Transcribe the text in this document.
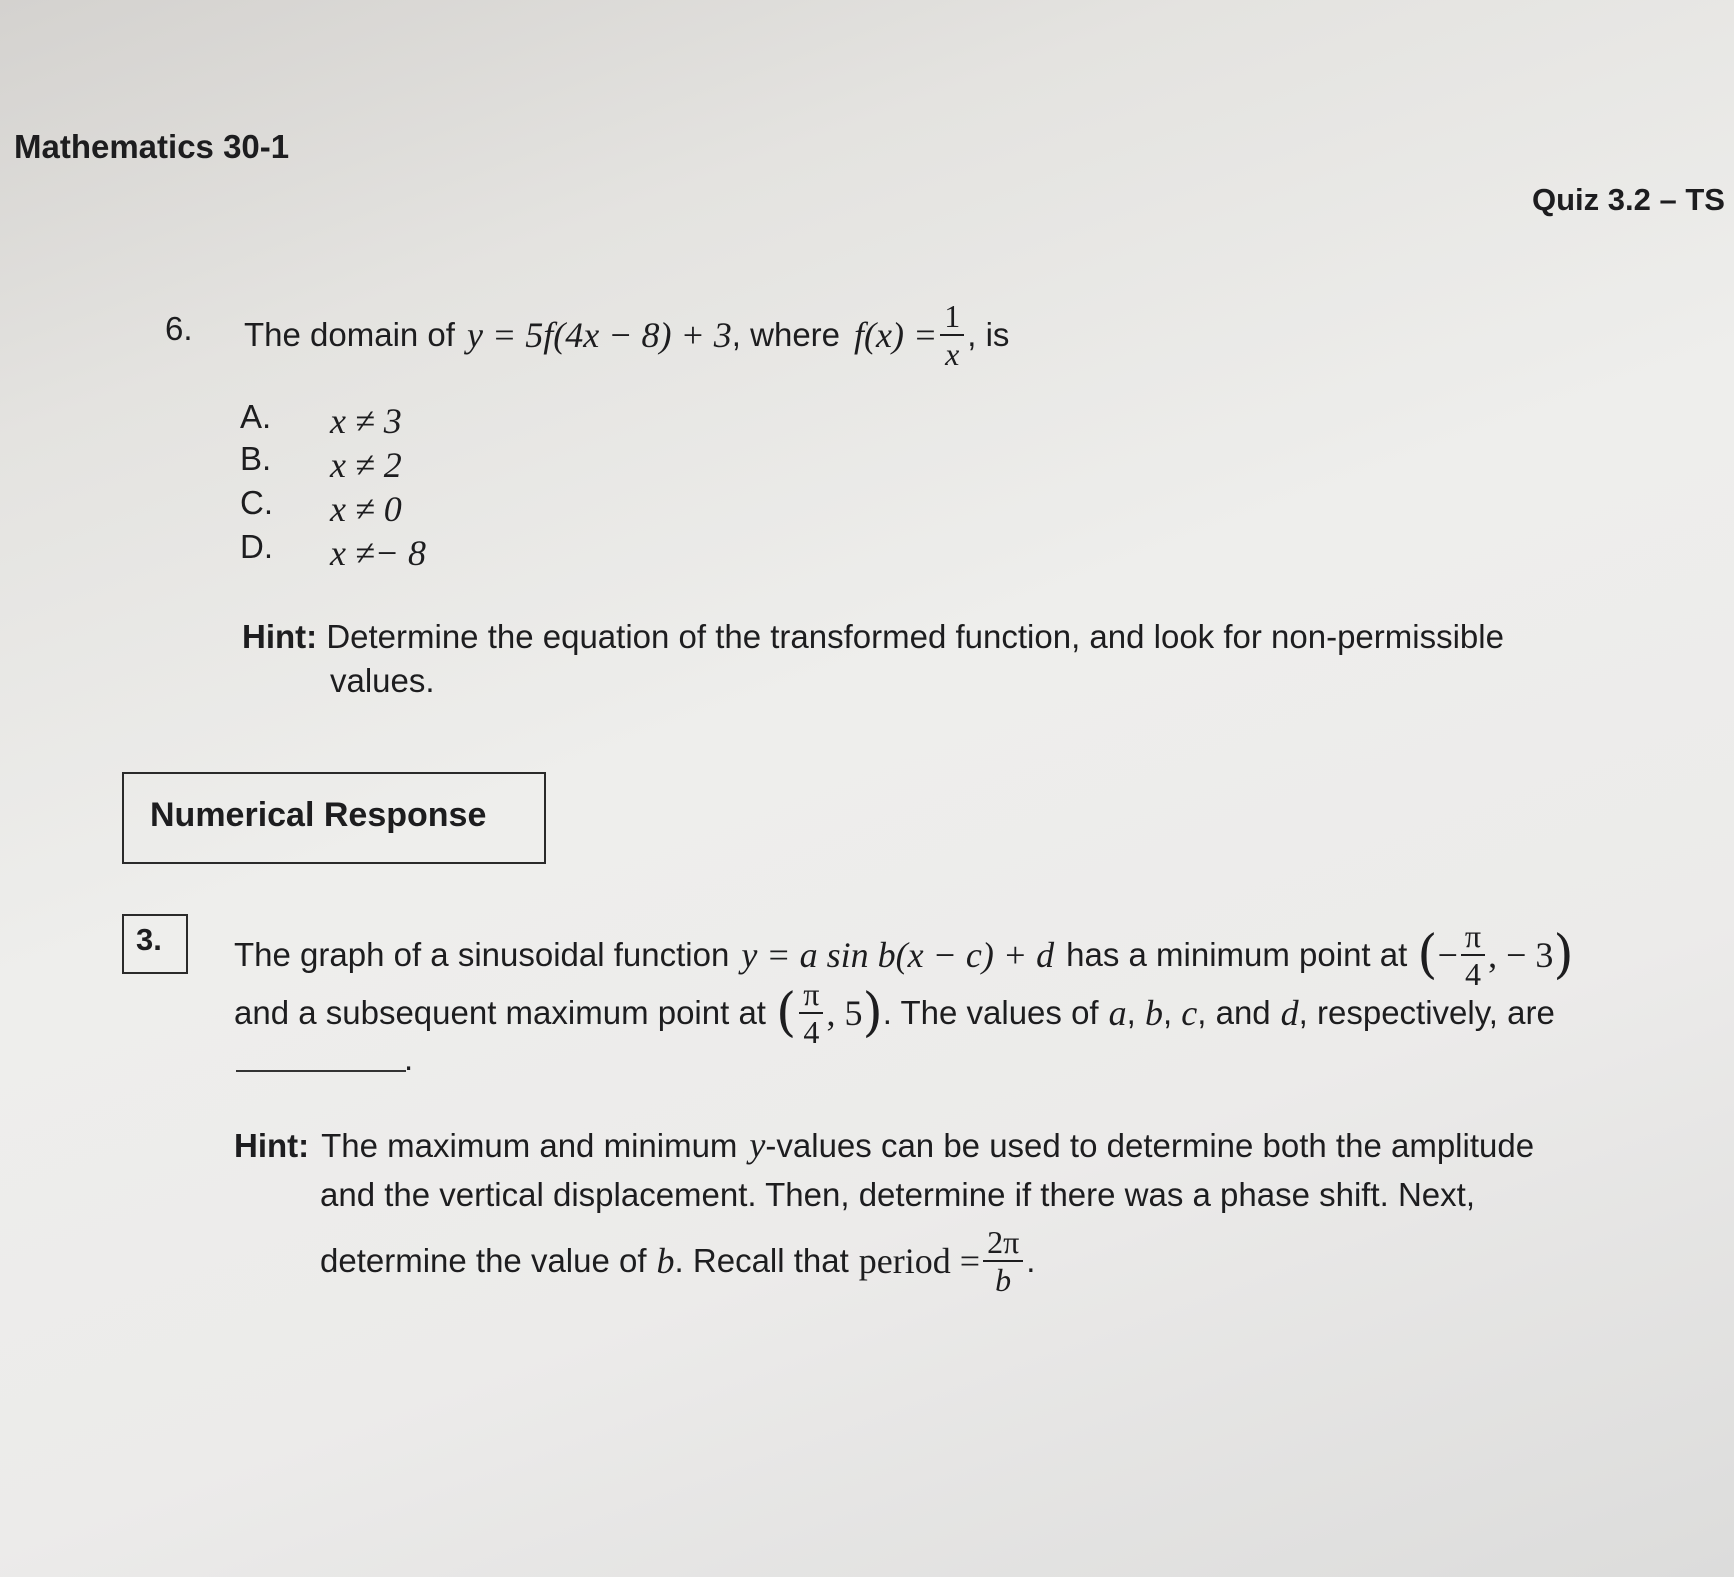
Mathematics 30-1
Quiz 3.2 – TS
6. The domain of y = 5f(4x − 8) + 3 , where $f(x) = \frac{1}{x}$ , is
A. x ≠ 3
B. x ≠ 2
C. x ≠ 0
D. x ≠− 8
Hint: Determine the equation of the transformed function, and look for non-permissible
values.
Numerical Response
3. The graph of a sinusoidal function y = a sin b(x − c) + d has a minimum point at ( − $\frac{\pi}{4}$ , − 3 )
and a subsequent maximum point at ( $\frac{\pi}{4}$ , 5 ) . The values of a , b , c , and d , respectively, are
.
Hint: The maximum and minimum y -values can be used to determine both the amplitude
and the vertical displacement. Then, determine if there was a phase shift. Next,
determine the value of b . Recall that period = $\frac{2\pi}{b}$ .
